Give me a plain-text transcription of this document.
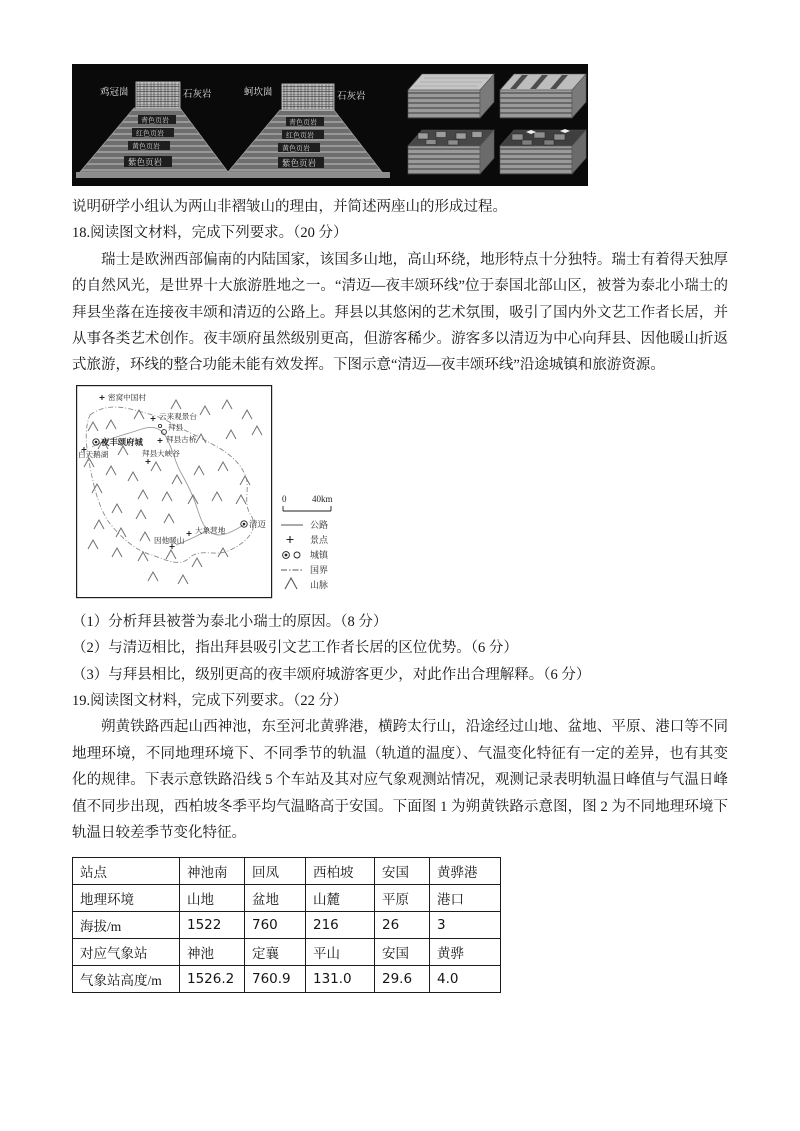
鸡冠崮	石灰岩
青色页岩
红色页岩
黄色页岩
紫色页岩
蚵坎崮	石灰岩
青色页岩
红色页岩
黄色页岩
紫色页岩

说明研学小组认为两山非褶皱山的理由，并简述两座山的形成过程。

18.阅读图文材料，完成下列要求。（20 分）

瑞士是欧洲西部偏南的内陆国家，该国多山地，高山环绕，地形特点十分独特。瑞士有着得天独厚的自然风光，是世界十大旅游胜地之一。“清迈—夜丰颂环线”位于泰国北部山区，被誉为泰北小瑞士的拜县坐落在连接夜丰颂和清迈的公路上。拜县以其悠闲的艺术氛围，吸引了国内外文艺工作者长居，并从事各类艺术创作。夜丰颂府虽然级别更高，但游客稀少。游客多以清迈为中心向拜县、因他暖山折返式旅游，环线的整合功能未能有效发挥。下图示意“清迈—夜丰颂环线”沿途城镇和旅游资源。

密窝中国村
云来观景台
拜县
拜县古桥
拜县大峡谷
夜丰颂府城
白天鹅湖
大象营地
因他暖山
清迈
0	40km
公路
景点
城镇
国界
山脉

（1）分析拜县被誉为泰北小瑞士的原因。（8 分）

（2）与清迈相比，指出拜县吸引文艺工作者长居的区位优势。（6 分）

（3）与拜县相比，级别更高的夜丰颂府城游客更少，对此作出合理解释。（6 分）

19.阅读图文材料，完成下列要求。（22 分）

朔黄铁路西起山西神池，东至河北黄骅港，横跨太行山，沿途经过山地、盆地、平原、港口等不同地理环境，不同地理环境下、不同季节的轨温（轨道的温度）、气温变化特征有一定的差异，也有其变化的规律。下表示意铁路沿线 5 个车站及其对应气象观测站情况，观测记录表明轨温日峰值与气温日峰值不同步出现，西柏坡冬季平均气温略高于安国。下面图 1 为朔黄铁路示意图，图 2 为不同地理环境下轨温日较差季节变化特征。

站点	神池南	回凤	西柏坡	安国	黄骅港
地理环境	山地	盆地	山麓	平原	港口
海拔/m	1522	760	216	26	3
对应气象站	神池	定襄	平山	安国	黄骅
气象站高度/m	1526.2	760.9	131.0	29.6	4.0
